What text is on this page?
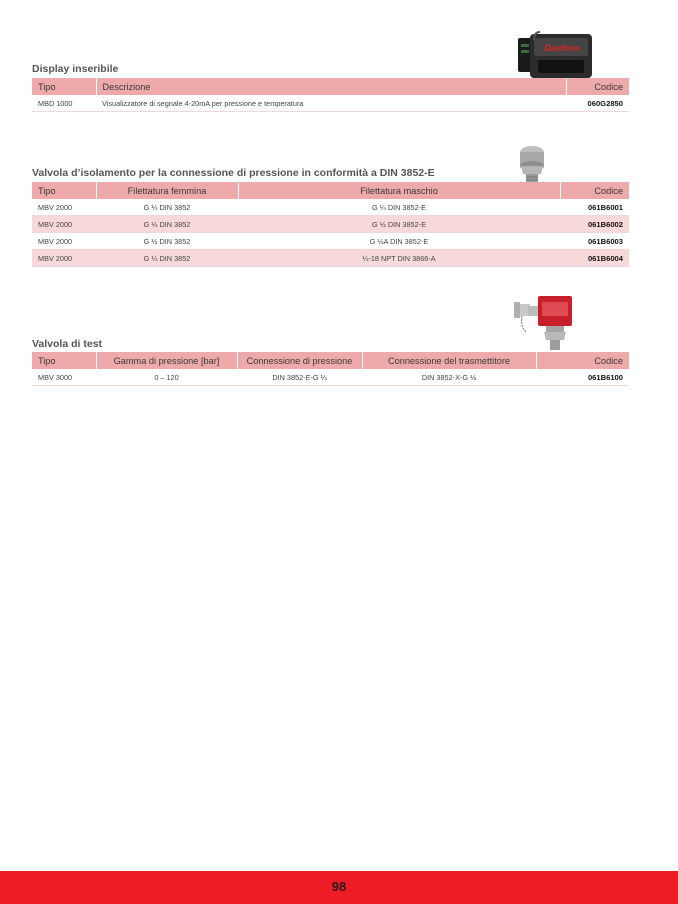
Danfoss
Display inseribile
Tipo	Descrizione	Codice
MBD 1000	Visualizzatore di segnale 4-20mA per pressione e temperatura	060G2850
Valvola d’isolamento per la connessione di pressione in conformità a DIN 3852-E
Tipo	Filettatura femmina	Filettatura maschio	Codice
MBV 2000	G ¼ DIN 3852	G ¼ DIN 3852-E	061B6001
MBV 2000	G ¼ DIN 3852	G ½ DIN 3852-E	061B6002
MBV 2000	G ½ DIN 3852	G ½A DIN 3852-E	061B6003
MBV 2000	G ¼ DIN 3852	¼-18 NPT DIN 3866-A	061B6004
Valvola di test
Tipo	Gamma di pressione [bar]	Connessione di pressione	Connessione del trasmettitore	Codice
MBV 3000	0 – 120	DIN 3852-E-G ¼	DIN 3852-X-G ½	061B6100
98
